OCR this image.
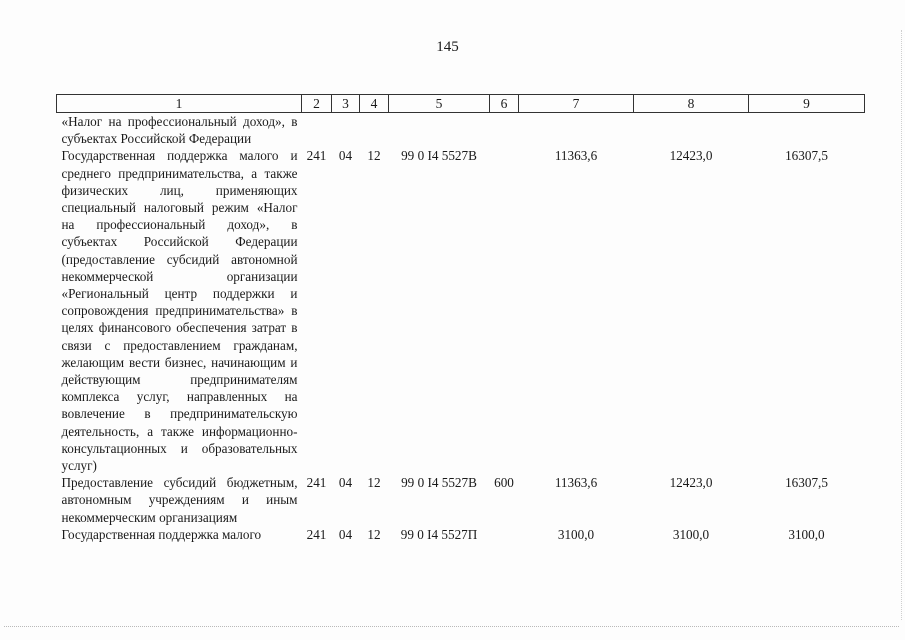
145
1	2	3	4	5	6	7	8	9
«Налог на профессиональный доход», в субъектах Российской Федерации								
Государственная поддержка малого и среднего предпринимательства, а также физических лиц, применяющих специальный налоговый режим «Налог на профессиональный доход», в субъектах Российской Федерации (предоставление субсидий автономной некоммерческой организации «Региональный центр поддержки и сопровождения предпринимательства» в целях финансового обеспечения затрат в связи с предоставлением гражданам, желающим вести бизнес, начинающим и действующим предпринимателям комплекса услуг, направленных на вовлечение в предпринимательскую деятельность, а также информационно-консультационных и образовательных услуг)	241	04	12	99 0 I4 5527В		11363,6	12423,0	16307,5
Предоставление субсидий бюджетным, автономным учреждениям и иным некоммерческим организациям	241	04	12	99 0 I4 5527В	600	11363,6	12423,0	16307,5
Государственная поддержка малого	241	04	12	99 0 I4 5527П		3100,0	3100,0	3100,0
